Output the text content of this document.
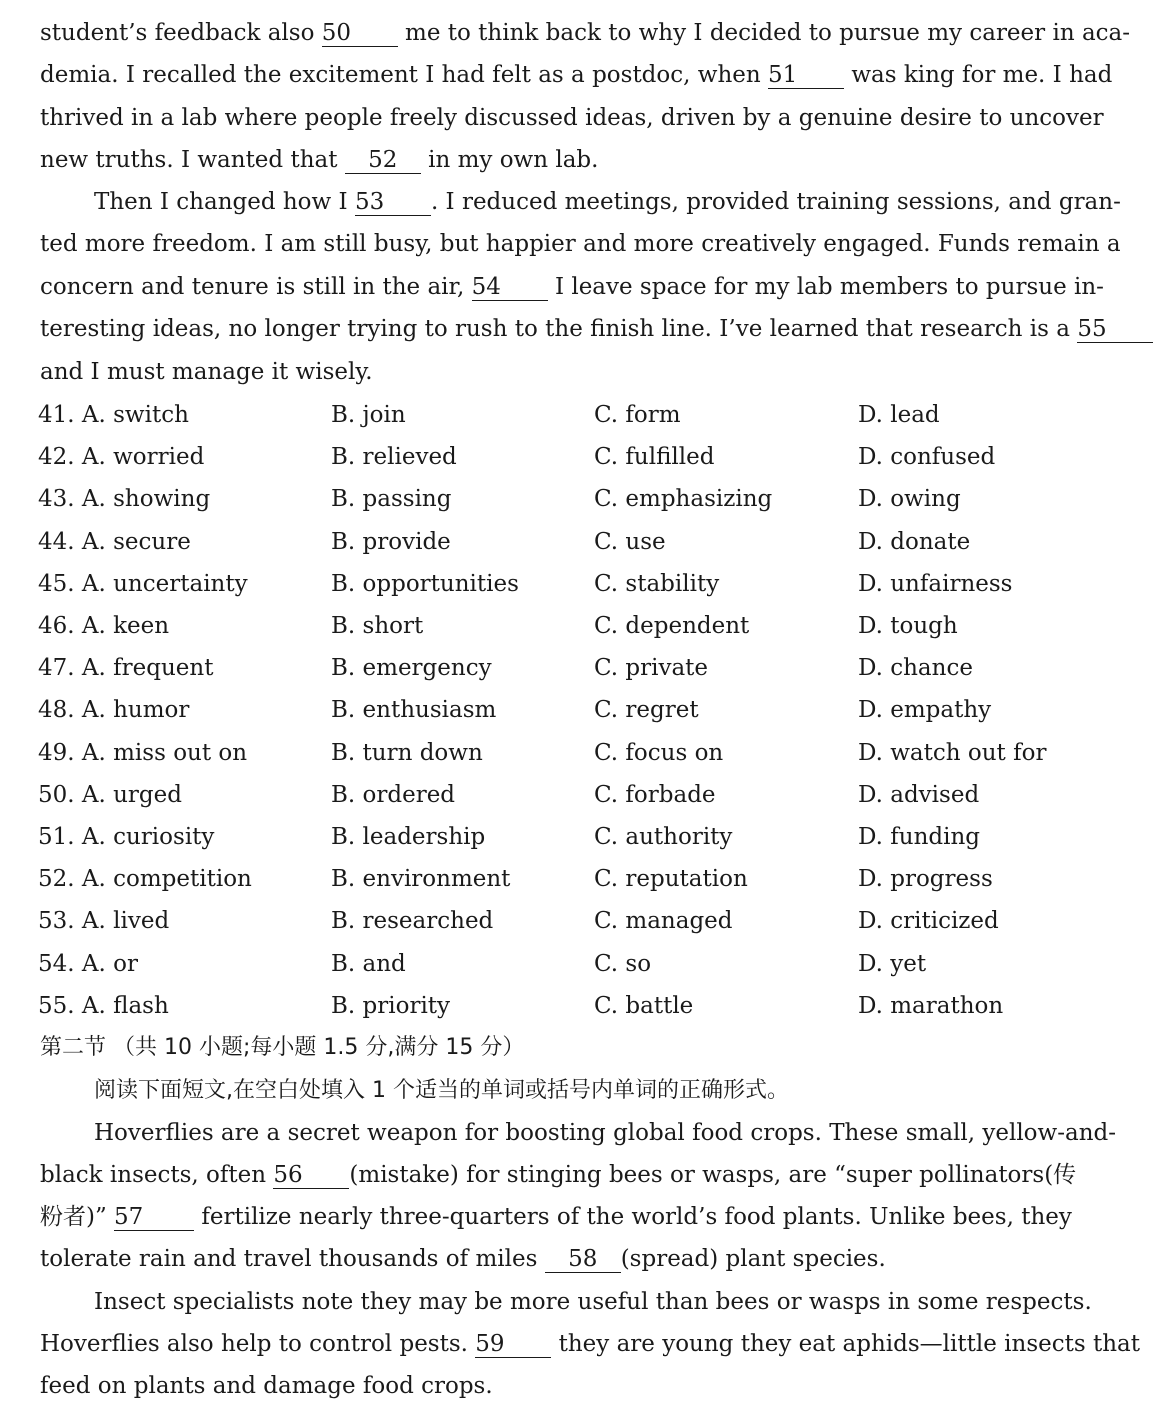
student’s feedback also 50 me to think back to why I decided to pursue my career in aca-
demia. I recalled the excitement I had felt as a postdoc, when 51 was king for me. I had
thrived in a lab where people freely discussed ideas, driven by a genuine desire to uncover
new truths. I wanted that 52 in my own lab.
Then I changed how I 53 . I reduced meetings, provided training sessions, and gran-
ted more freedom. I am still busy, but happier and more creatively engaged. Funds remain a
concern and tenure is still in the air, 54 I leave space for my lab members to pursue in-
teresting ideas, no longer trying to rush to the finish line. I’ve learned that research is a 55
and I must manage it wisely.
41. A. switch	B. join	C. form	D. lead
42. A. worried	B. relieved	C. fulfilled	D. confused
43. A. showing	B. passing	C. emphasizing	D. owing
44. A. secure	B. provide	C. use	D. donate
45. A. uncertainty	B. opportunities	C. stability	D. unfairness
46. A. keen	B. short	C. dependent	D. tough
47. A. frequent	B. emergency	C. private	D. chance
48. A. humor	B. enthusiasm	C. regret	D. empathy
49. A. miss out on	B. turn down	C. focus on	D. watch out for
50. A. urged	B. ordered	C. forbade	D. advised
51. A. curiosity	B. leadership	C. authority	D. funding
52. A. competition	B. environment	C. reputation	D. progress
53. A. lived	B. researched	C. managed	D. criticized
54. A. or	B. and	C. so	D. yet
55. A. flash	B. priority	C. battle	D. marathon
第二节 （共 10 小题;每小题 1.5 分,满分 15 分）
阅读下面短文,在空白处填入 1 个适当的单词或括号内单词的正确形式。
Hoverflies are a secret weapon for boosting global food crops. These small, yellow-and-
black insects, often 56 (mistake) for stinging bees or wasps, are “super pollinators(传
粉者)” 57	fertilize nearly three-quarters of the world’s food plants. Unlike bees, they
tolerate rain and travel thousands of miles 58 (spread) plant species.
Insect specialists note they may be more useful than bees or wasps in some respects.
Hoverflies also help to control pests. 59 they are young they eat aphids—little insects that
feed on plants and damage food crops.
